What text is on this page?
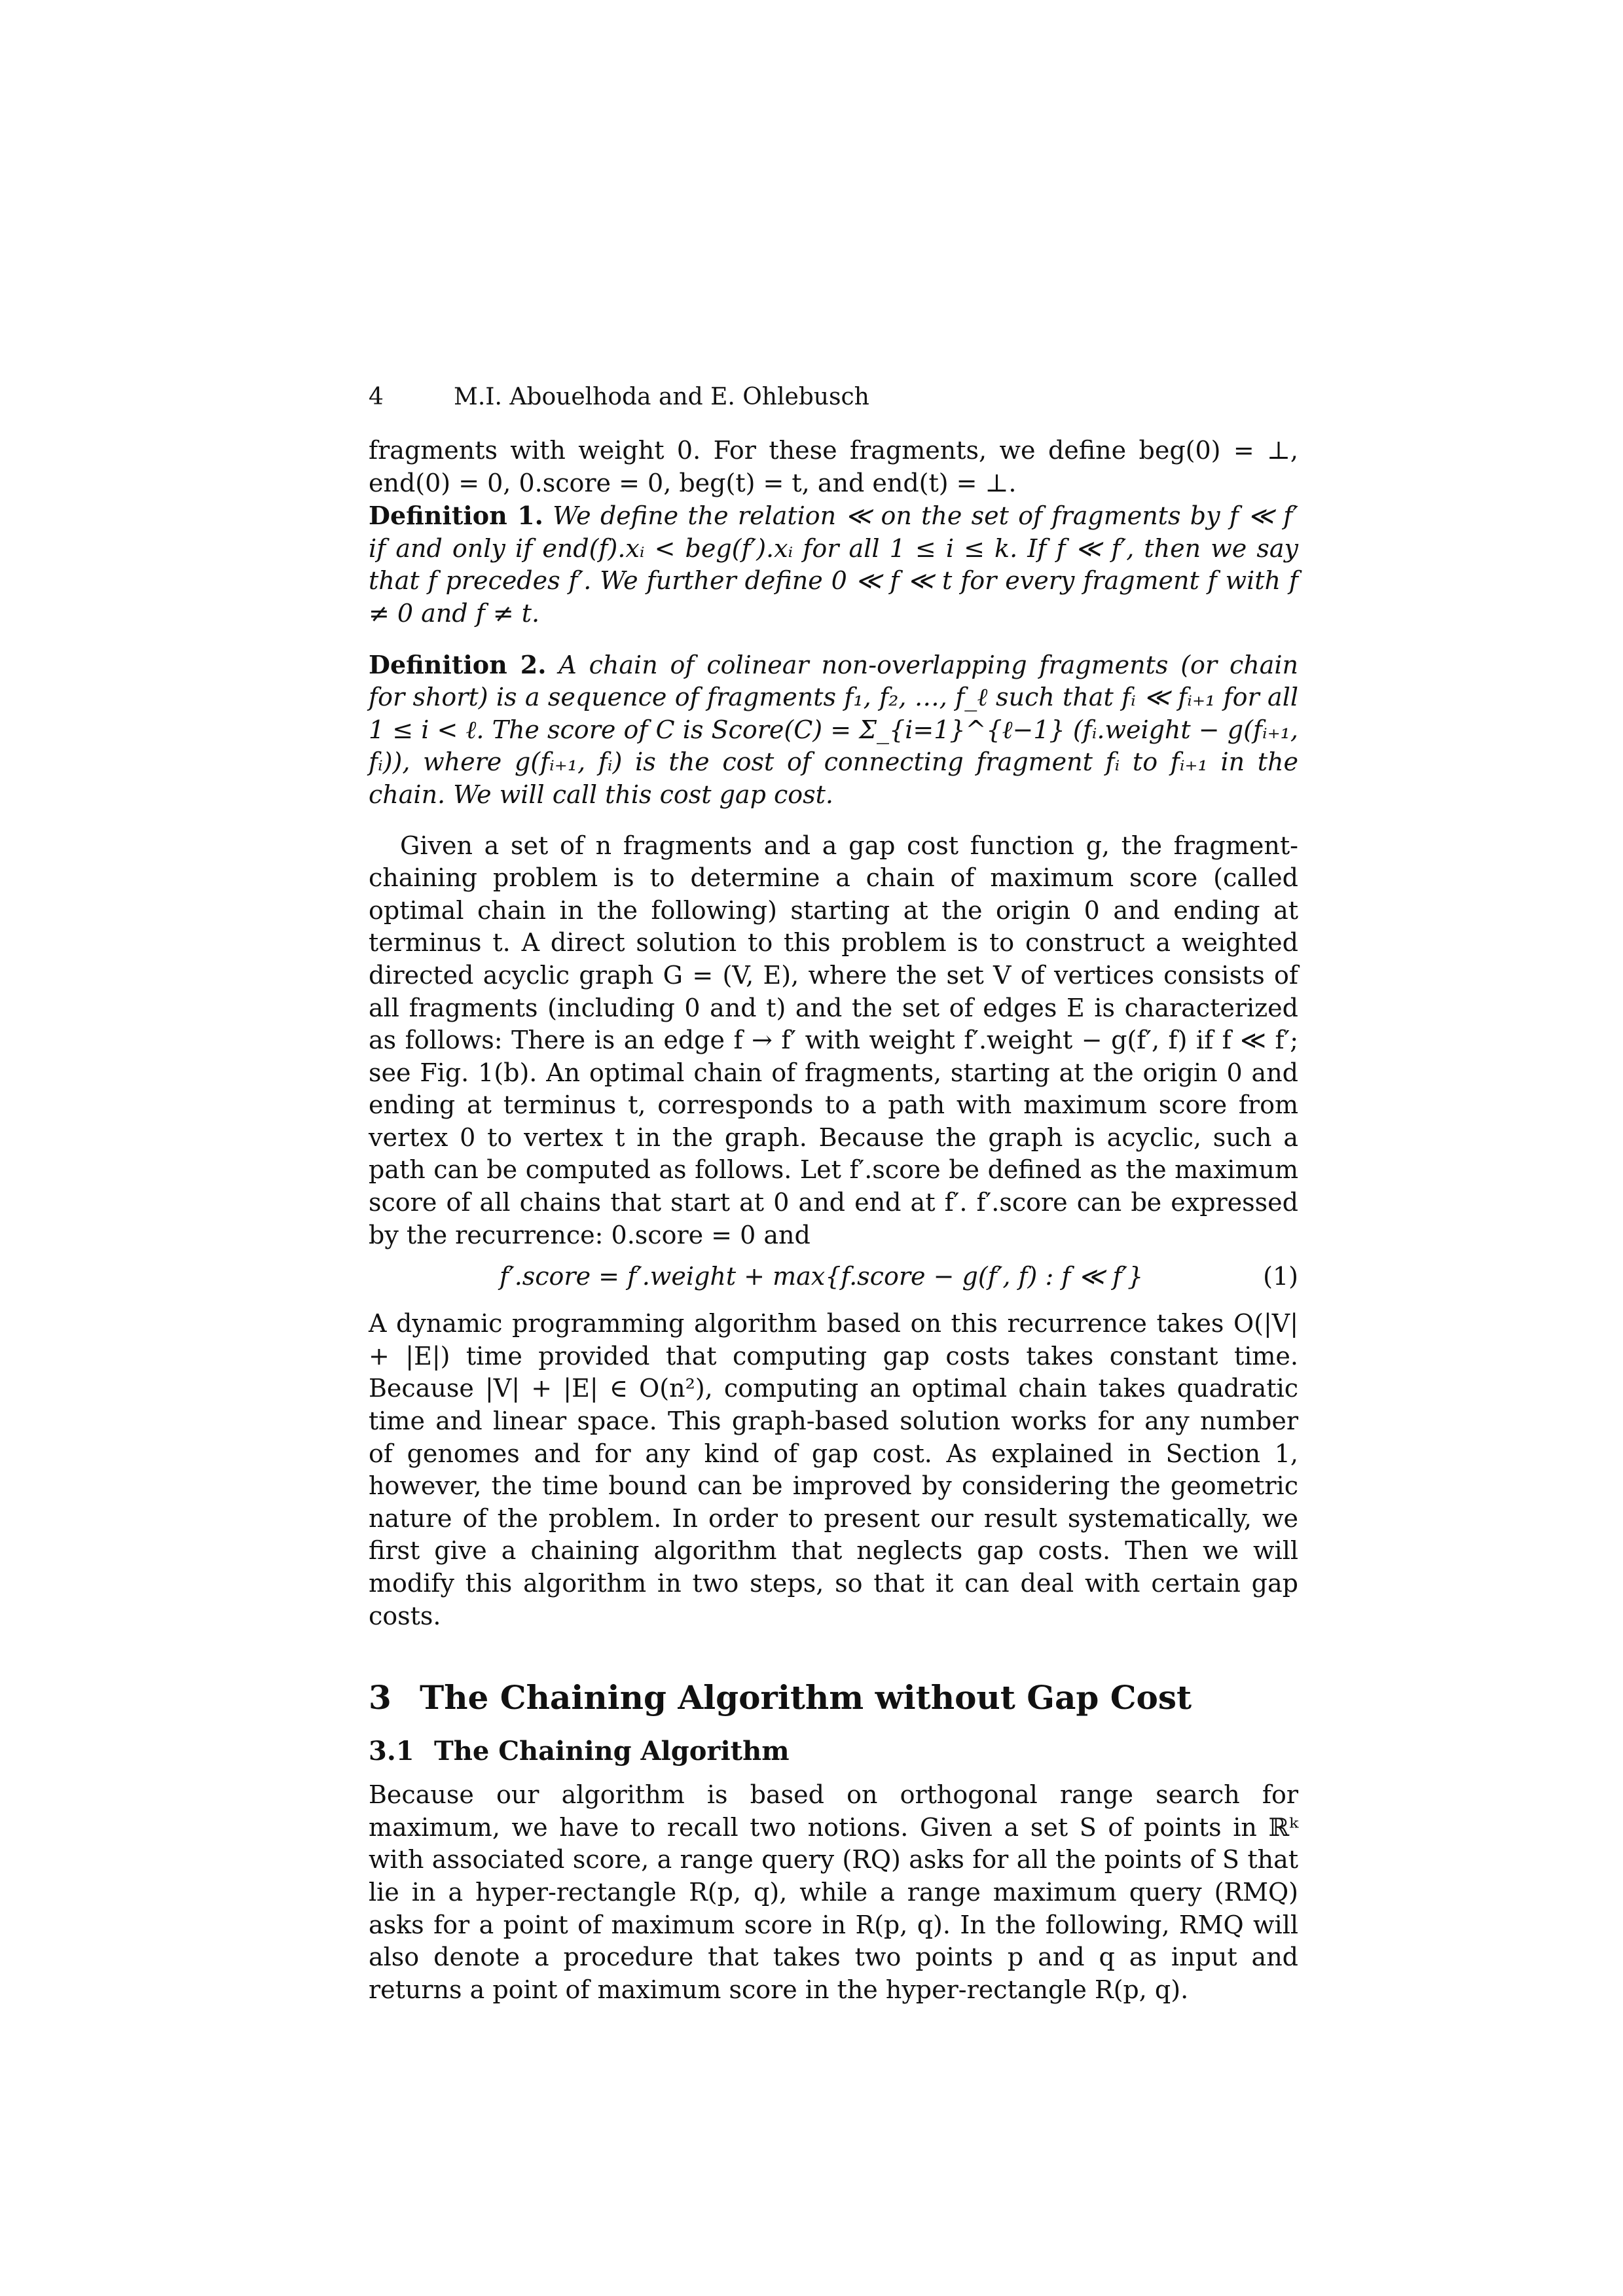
4	M.I. Abouelhoda and E. Ohlebusch

fragments with weight 0. For these fragments, we define beg(0) = ⊥, end(0) = 0, 0.score = 0, beg(t) = t, and end(t) = ⊥.

Definition 1. We define the relation ≪ on the set of fragments by f ≪ f′ if and only if end(f).xᵢ < beg(f′).xᵢ for all 1 ≤ i ≤ k. If f ≪ f′, then we say that f precedes f′. We further define 0 ≪ f ≪ t for every fragment f with f ≠ 0 and f ≠ t.

Definition 2. A chain of colinear non-overlapping fragments (or chain for short) is a sequence of fragments f₁, f₂, …, f_ℓ such that fᵢ ≪ fᵢ₊₁ for all 1 ≤ i < ℓ. The score of C is Score(C) = Σ_{i=1}^{ℓ−1} (fᵢ.weight − g(fᵢ₊₁, fᵢ)), where g(fᵢ₊₁, fᵢ) is the cost of connecting fragment fᵢ to fᵢ₊₁ in the chain. We will call this cost gap cost.

Given a set of n fragments and a gap cost function g, the fragment-chaining problem is to determine a chain of maximum score (called optimal chain in the following) starting at the origin 0 and ending at terminus t. A direct solution to this problem is to construct a weighted directed acyclic graph G = (V, E), where the set V of vertices consists of all fragments (including 0 and t) and the set of edges E is characterized as follows: There is an edge f → f′ with weight f′.weight − g(f′, f) if f ≪ f′; see Fig. 1(b). An optimal chain of fragments, starting at the origin 0 and ending at terminus t, corresponds to a path with maximum score from vertex 0 to vertex t in the graph. Because the graph is acyclic, such a path can be computed as follows. Let f′.score be defined as the maximum score of all chains that start at 0 and end at f′. f′.score can be expressed by the recurrence: 0.score = 0 and

f′.score = f′.weight + max{f.score − g(f′, f) : f ≪ f′}	(1)

A dynamic programming algorithm based on this recurrence takes O(|V| + |E|) time provided that computing gap costs takes constant time. Because |V| + |E| ∈ O(n²), computing an optimal chain takes quadratic time and linear space. This graph-based solution works for any number of genomes and for any kind of gap cost. As explained in Section 1, however, the time bound can be improved by considering the geometric nature of the problem. In order to present our result systematically, we first give a chaining algorithm that neglects gap costs. Then we will modify this algorithm in two steps, so that it can deal with certain gap costs.

3 The Chaining Algorithm without Gap Cost
3.1 The Chaining Algorithm

Because our algorithm is based on orthogonal range search for maximum, we have to recall two notions. Given a set S of points in ℝᵏ with associated score, a range query (RQ) asks for all the points of S that lie in a hyper-rectangle R(p, q), while a range maximum query (RMQ) asks for a point of maximum score in R(p, q). In the following, RMQ will also denote a procedure that takes two points p and q as input and returns a point of maximum score in the hyper-rectangle R(p, q).
